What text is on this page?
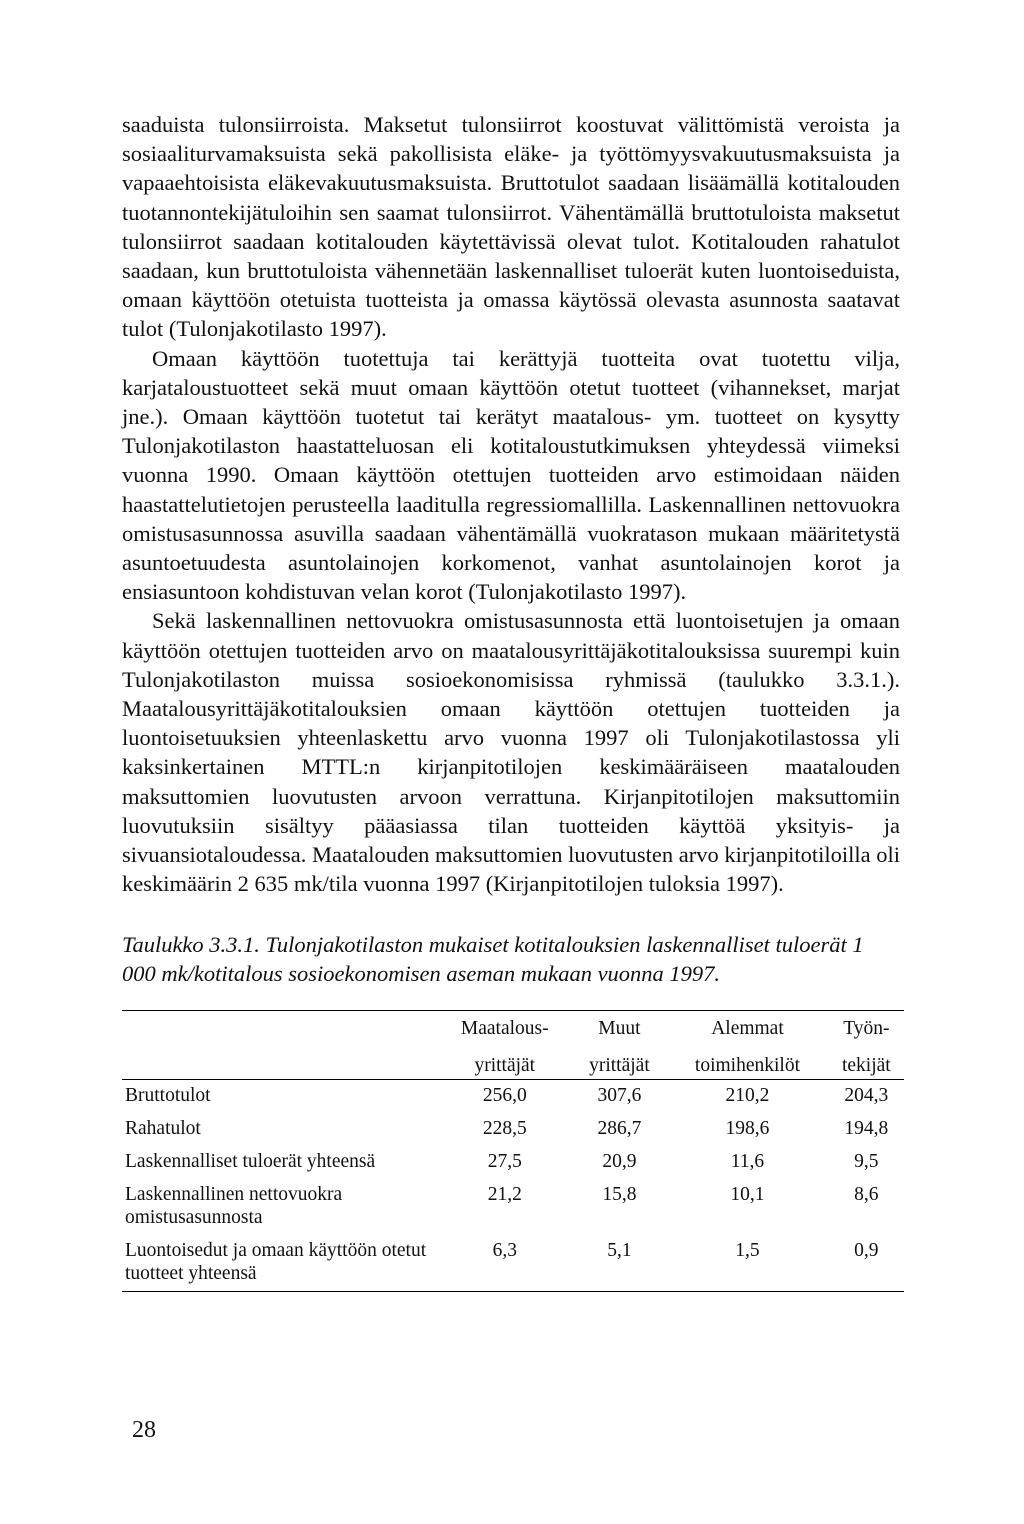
saaduista tulonsiirroista. Maksetut tulonsiirrot koostuvat välittömistä veroista ja sosiaaliturvamaksuista sekä pakollisista eläke- ja työttömyysvakuutusmaksuista ja vapaaehtoisista eläkevakuutusmaksuista. Bruttotulot saadaan lisäämällä kotitalouden tuotannontekijätuloihin sen saamat tulonsiirrot. Vähentämällä bruttotuloista maksetut tulonsiirrot saadaan kotitalouden käytettävissä olevat tulot. Kotitalouden rahatulot saadaan, kun bruttotuloista vähennetään laskennalliset tuloerät kuten luontoiseduista, omaan käyttöön otetuista tuotteista ja omassa käytössä olevasta asunnosta saatavat tulot (Tulonjakotilasto 1997).

Omaan käyttöön tuotettuja tai kerättyjä tuotteita ovat tuotettu vilja, karjataloustuotteet sekä muut omaan käyttöön otetut tuotteet (vihannekset, marjat jne.). Omaan käyttöön tuotetut tai kerätyt maatalous- ym. tuotteet on kysytty Tulonjakotilaston haastatteluosan eli kotitaloustutkimuksen yhteydessä viimeksi vuonna 1990. Omaan käyttöön otettujen tuotteiden arvo estimoidaan näiden haastattelutietojen perusteella laaditulla regressiomallilla. Laskennallinen nettovuokra omistusasunnossa asuvilla saadaan vähentämällä vuokratason mukaan määritetystä asuntoetuudesta asuntolainojen korkomenot, vanhat asuntolainojen korot ja ensiasuntoon kohdistuvan velan korot (Tulonjakotilasto 1997).

Sekä laskennallinen nettovuokra omistusasunnosta että luontoisetujen ja omaan käyttöön otettujen tuotteiden arvo on maatalousyrittäjäkotitalouksissa suurempi kuin Tulonjakotilaston muissa sosioekonomisissa ryhmissä (taulukko 3.3.1.). Maatalousyrittäjäkotitalouksien omaan käyttöön otettujen tuotteiden ja luontoisetuuksien yhteenlaskettu arvo vuonna 1997 oli Tulonjakotilastossa yli kaksinkertainen MTTL:n kirjanpitotilojen keskimääräiseen maatalouden maksuttomien luovutusten arvoon verrattuna. Kirjanpitotilojen maksuttomiin luovutuksiin sisältyy pääasiassa tilan tuotteiden käyttöä yksityis- ja sivuansiotaloudessa. Maatalouden maksuttomien luovutusten arvo kirjanpitotiloilla oli keskimäärin 2 635 mk/tila vuonna 1997 (Kirjanpitotilojen tuloksia 1997).

Taulukko 3.3.1. Tulonjakotilaston mukaiset kotitalouksien laskennalliset tuloerät 1 000 mk/kotitalous sosioekonomisen aseman mukaan vuonna 1997.
	Maatalous-	Muut	Alemmat	Työn-
	yrittäjät	yrittäjät	toimihenkilöt	tekijät
Bruttotulot	256,0	307,6	210,2	204,3
Rahatulot	228,5	286,7	198,6	194,8
Laskennalliset tuloerät yhteensä	27,5	20,9	11,6	9,5
Laskennallinen nettovuokra omistusasunnosta	21,2	15,8	10,1	8,6
Luontoisedut ja omaan käyttöön otetut tuotteet yhteensä	6,3	5,1	1,5	0,9
28
